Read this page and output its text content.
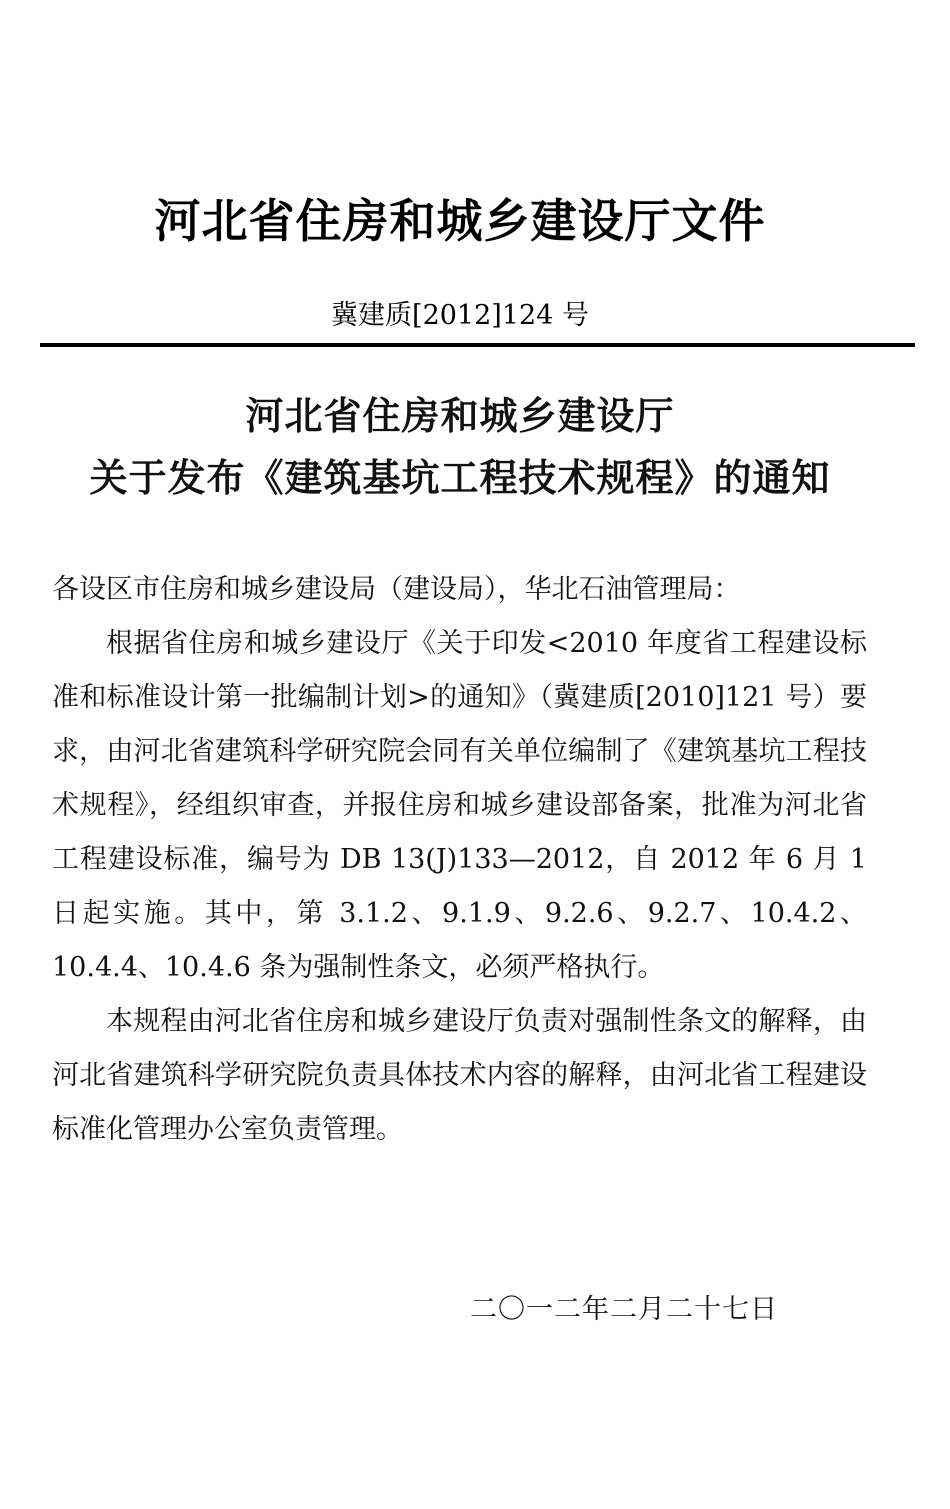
河北省住房和城乡建设厅文件
冀建质[2012]124 号
河北省住房和城乡建设厅
关于发布《建筑基坑工程技术规程》的通知

各设区市住房和城乡建设局（建设局），华北石油管理局：

根据省住房和城乡建设厅《关于印发<2010 年度省工程建设标准和标准设计第一批编制计划>的通知》（冀建质[2010]121 号）要求，由河北省建筑科学研究院会同有关单位编制了《建筑基坑工程技术规程》，经组织审查，并报住房和城乡建设部备案，批准为河北省工程建设标准，编号为 DB 13(J)133—2012，自 2012 年 6 月 1 日起实施。其中，第 3.1.2、9.1.9、9.2.6、9.2.7、10.4.2、10.4.4、10.4.6 条为强制性条文，必须严格执行。

本规程由河北省住房和城乡建设厅负责对强制性条文的解释，由河北省建筑科学研究院负责具体技术内容的解释，由河北省工程建设标准化管理办公室负责管理。

二〇一二年二月二十七日
